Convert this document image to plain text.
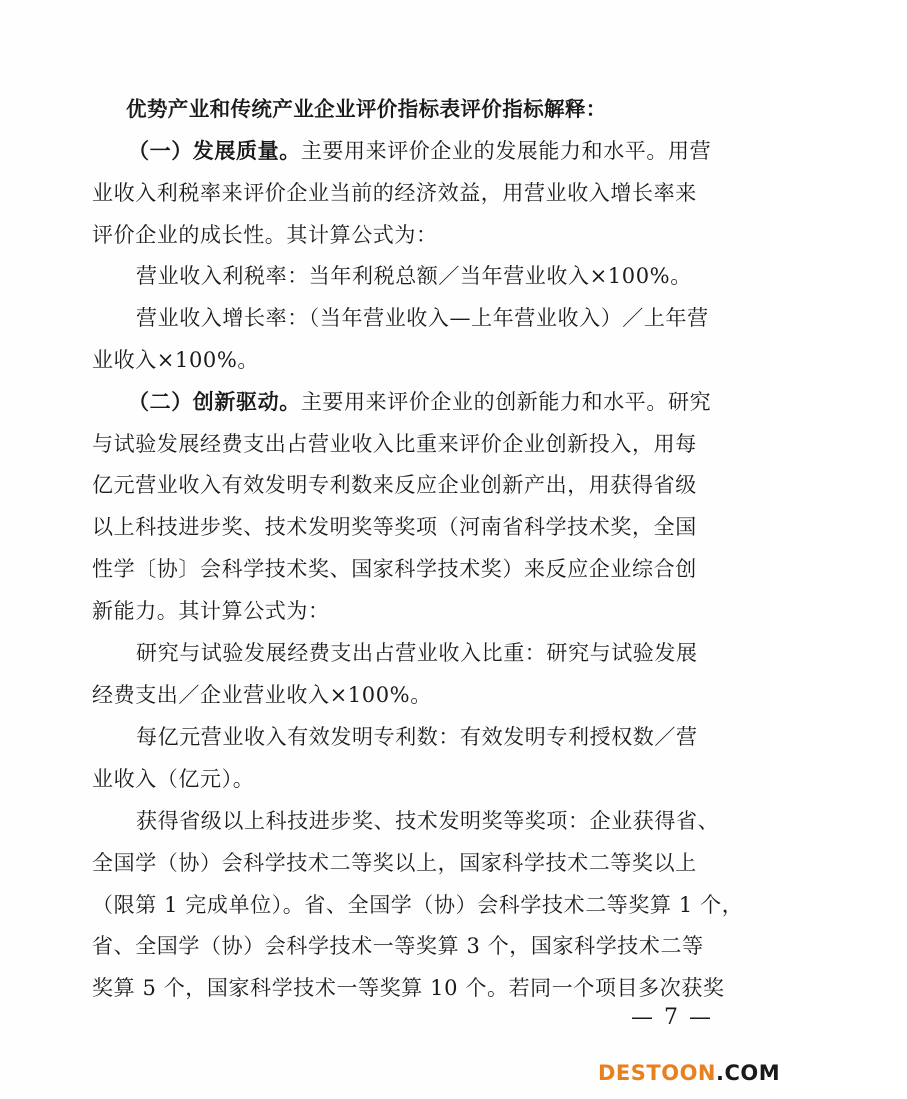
优势产业和传统产业企业评价指标表评价指标解释：
（一）发展质量。主要用来评价企业的发展能力和水平。用营
业收入利税率来评价企业当前的经济效益，用营业收入增长率来
评价企业的成长性。其计算公式为：
营业收入利税率：当年利税总额／当年营业收入×100%。
营业收入增长率：（当年营业收入—上年营业收入）／上年营
业收入×100%。
（二）创新驱动。主要用来评价企业的创新能力和水平。研究
与试验发展经费支出占营业收入比重来评价企业创新投入，用每
亿元营业收入有效发明专利数来反应企业创新产出，用获得省级
以上科技进步奖、技术发明奖等奖项（河南省科学技术奖，全国
性学〔协〕会科学技术奖、国家科学技术奖）来反应企业综合创
新能力。其计算公式为：
研究与试验发展经费支出占营业收入比重：研究与试验发展
经费支出／企业营业收入×100%。
每亿元营业收入有效发明专利数：有效发明专利授权数／营
业收入（亿元）。
获得省级以上科技进步奖、技术发明奖等奖项：企业获得省、
全国学（协）会科学技术二等奖以上，国家科学技术二等奖以上
（限第 1 完成单位）。省、全国学（协）会科学技术二等奖算 1 个，
省、全国学（协）会科学技术一等奖算 3 个，国家科学技术二等
奖算 5 个，国家科学技术一等奖算 10 个。若同一个项目多次获奖
— 7 —
DESTOON.COM
